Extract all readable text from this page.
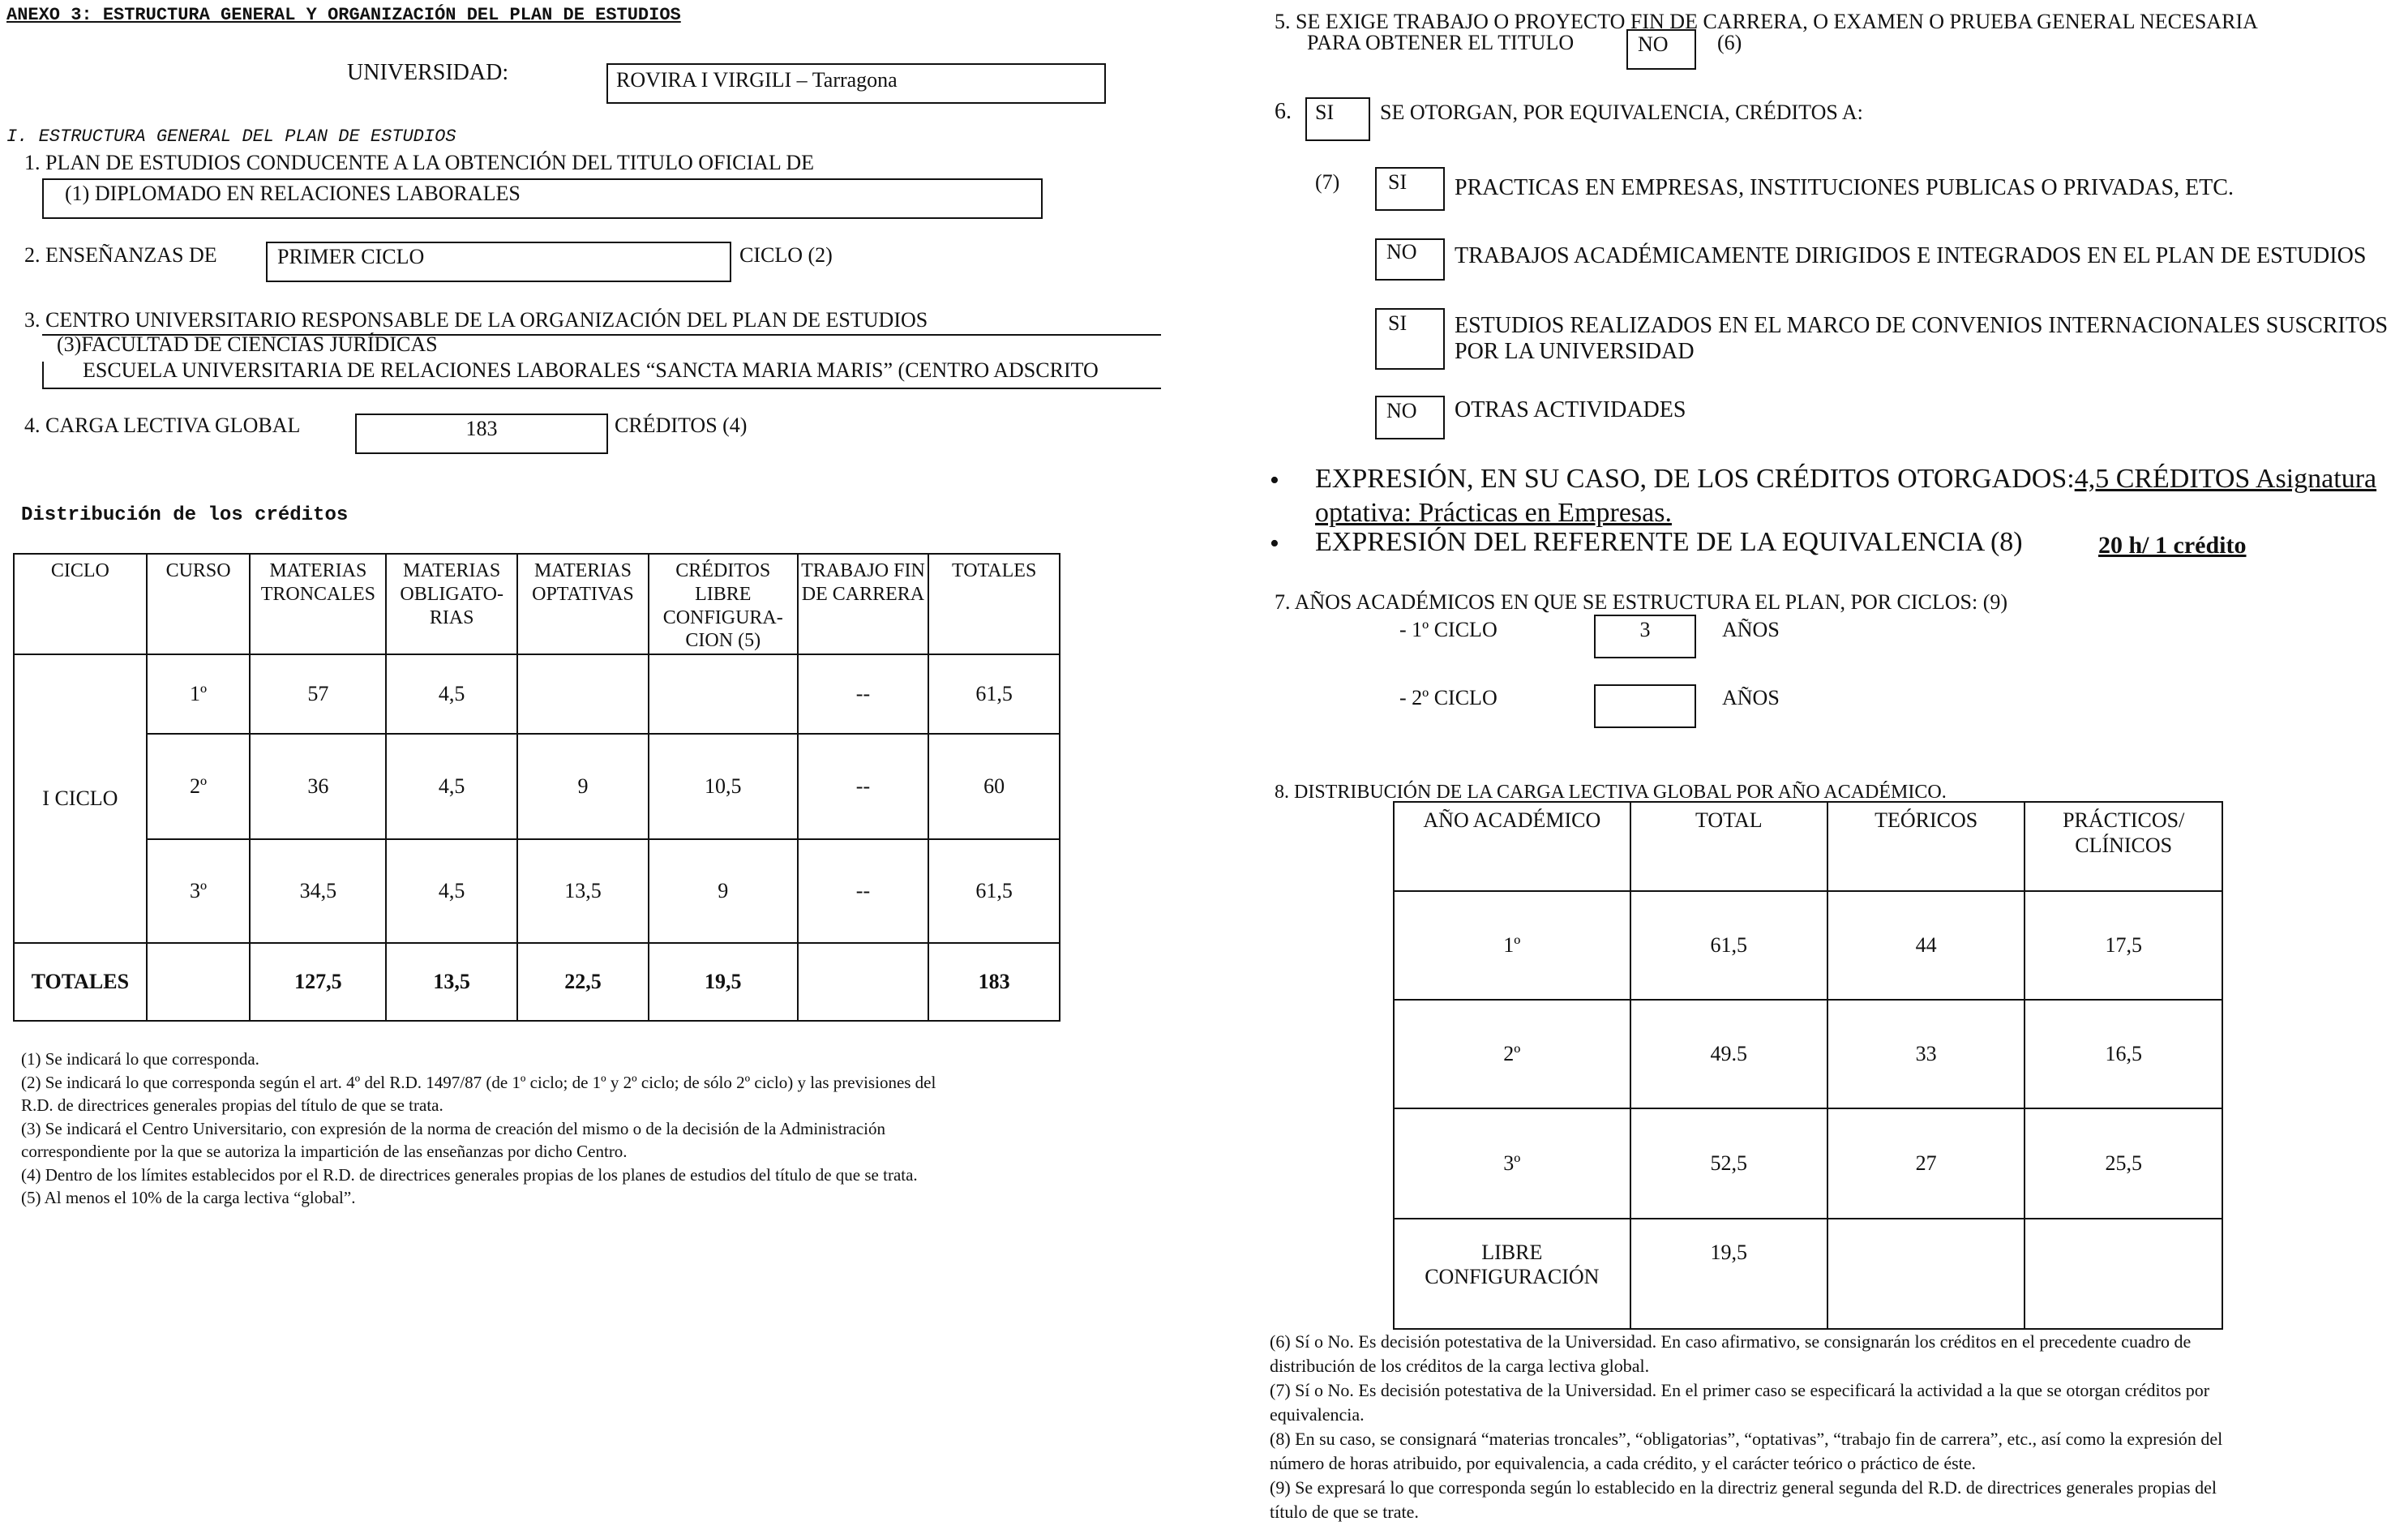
ANEXO 3: ESTRUCTURA GENERAL Y ORGANIZACIÓN DEL PLAN DE ESTUDIOS
UNIVERSIDAD:	ROVIRA I VIRGILI – Tarragona
I. ESTRUCTURA GENERAL DEL PLAN DE ESTUDIOS
1. PLAN DE ESTUDIOS CONDUCENTE A LA OBTENCIÓN DEL TITULO OFICIAL DE
(1) DIPLOMADO EN RELACIONES LABORALES
2. ENSEÑANZAS DE	PRIMER CICLO	CICLO (2)
3. CENTRO UNIVERSITARIO RESPONSABLE DE LA ORGANIZACIÓN DEL PLAN DE ESTUDIOS
(3)FACULTAD DE CIENCIAS JURÍDICAS
ESCUELA UNIVERSITARIA DE RELACIONES LABORALES “SANCTA MARIA MARIS” (CENTRO ADSCRITO
4. CARGA LECTIVA GLOBAL	183	CRÉDITOS (4)
Distribución de los créditos
CICLO	CURSO	MATERIAS TRONCALES	MATERIAS OBLIGATO-RIAS	MATERIAS OPTATIVAS	CRÉDITOS LIBRE CONFIGURA-CION (5)	TRABAJO FIN DE CARRERA	TOTALES
I CICLO	1º	57	4,5			--	61,5
	2º	36	4,5	9	10,5	--	60
	3º	34,5	4,5	13,5	9	--	61,5
TOTALES		127,5	13,5	22,5	19,5		183
(1) Se indicará lo que corresponda.
(2) Se indicará lo que corresponda según el art. 4º del R.D. 1497/87 (de 1º ciclo; de 1º y 2º ciclo; de sólo 2º ciclo) y las previsiones del
R.D. de directrices generales propias del título de que se trata.
(3) Se indicará el Centro Universitario, con expresión de la norma de creación del mismo o de la decisión de la Administración
correspondiente por la que se autoriza la impartición de las enseñanzas por dicho Centro.
(4) Dentro de los límites establecidos por el R.D. de directrices generales propias de los planes de estudios del título de que se trata.
(5) Al menos el 10% de la carga lectiva “global”.
5. SE EXIGE TRABAJO O PROYECTO FIN DE CARRERA, O EXAMEN O PRUEBA GENERAL NECESARIA
PARA OBTENER EL TITULO	NO (6)
6. SI SE OTORGAN, POR EQUIVALENCIA, CRÉDITOS A:
(7) SI PRACTICAS EN EMPRESAS, INSTITUCIONES PUBLICAS O PRIVADAS, ETC.
NO TRABAJOS ACADÉMICAMENTE DIRIGIDOS E INTEGRADOS EN EL PLAN DE ESTUDIOS
SI ESTUDIOS REALIZADOS EN EL MARCO DE CONVENIOS INTERNACIONALES SUSCRITOS
POR LA UNIVERSIDAD
NO OTRAS ACTIVIDADES
• EXPRESIÓN, EN SU CASO, DE LOS CRÉDITOS OTORGADOS:4,5 CRÉDITOS Asignatura
optativa: Prácticas en Empresas.
• EXPRESIÓN DEL REFERENTE DE LA EQUIVALENCIA (8)	20 h/ 1 crédito
7. AÑOS ACADÉMICOS EN QUE SE ESTRUCTURA EL PLAN, POR CICLOS: (9)
- 1º CICLO	3	AÑOS
- 2º CICLO	AÑOS
8. DISTRIBUCIÓN DE LA CARGA LECTIVA GLOBAL POR AÑO ACADÉMICO.
AÑO ACADÉMICO	TOTAL	TEÓRICOS	PRÁCTICOS/ CLÍNICOS
1º	61,5	44	17,5
2º	49.5	33	16,5
3º	52,5	27	25,5
LIBRE CONFIGURACIÓN	19,5		
(6) Sí o No. Es decisión potestativa de la Universidad. En caso afirmativo, se consignarán los créditos en el precedente cuadro de
distribución de los créditos de la carga lectiva global.
(7) Sí o No. Es decisión potestativa de la Universidad. En el primer caso se especificará la actividad a la que se otorgan créditos por
equivalencia.
(8) En su caso, se consignará “materias troncales”, “obligatorias”, “optativas”, “trabajo fin de carrera”, etc., así como la expresión del
número de horas atribuido, por equivalencia, a cada crédito, y el carácter teórico o práctico de éste.
(9) Se expresará lo que corresponda según lo establecido en la directriz general segunda del R.D. de directrices generales propias del
título de que se trate.
